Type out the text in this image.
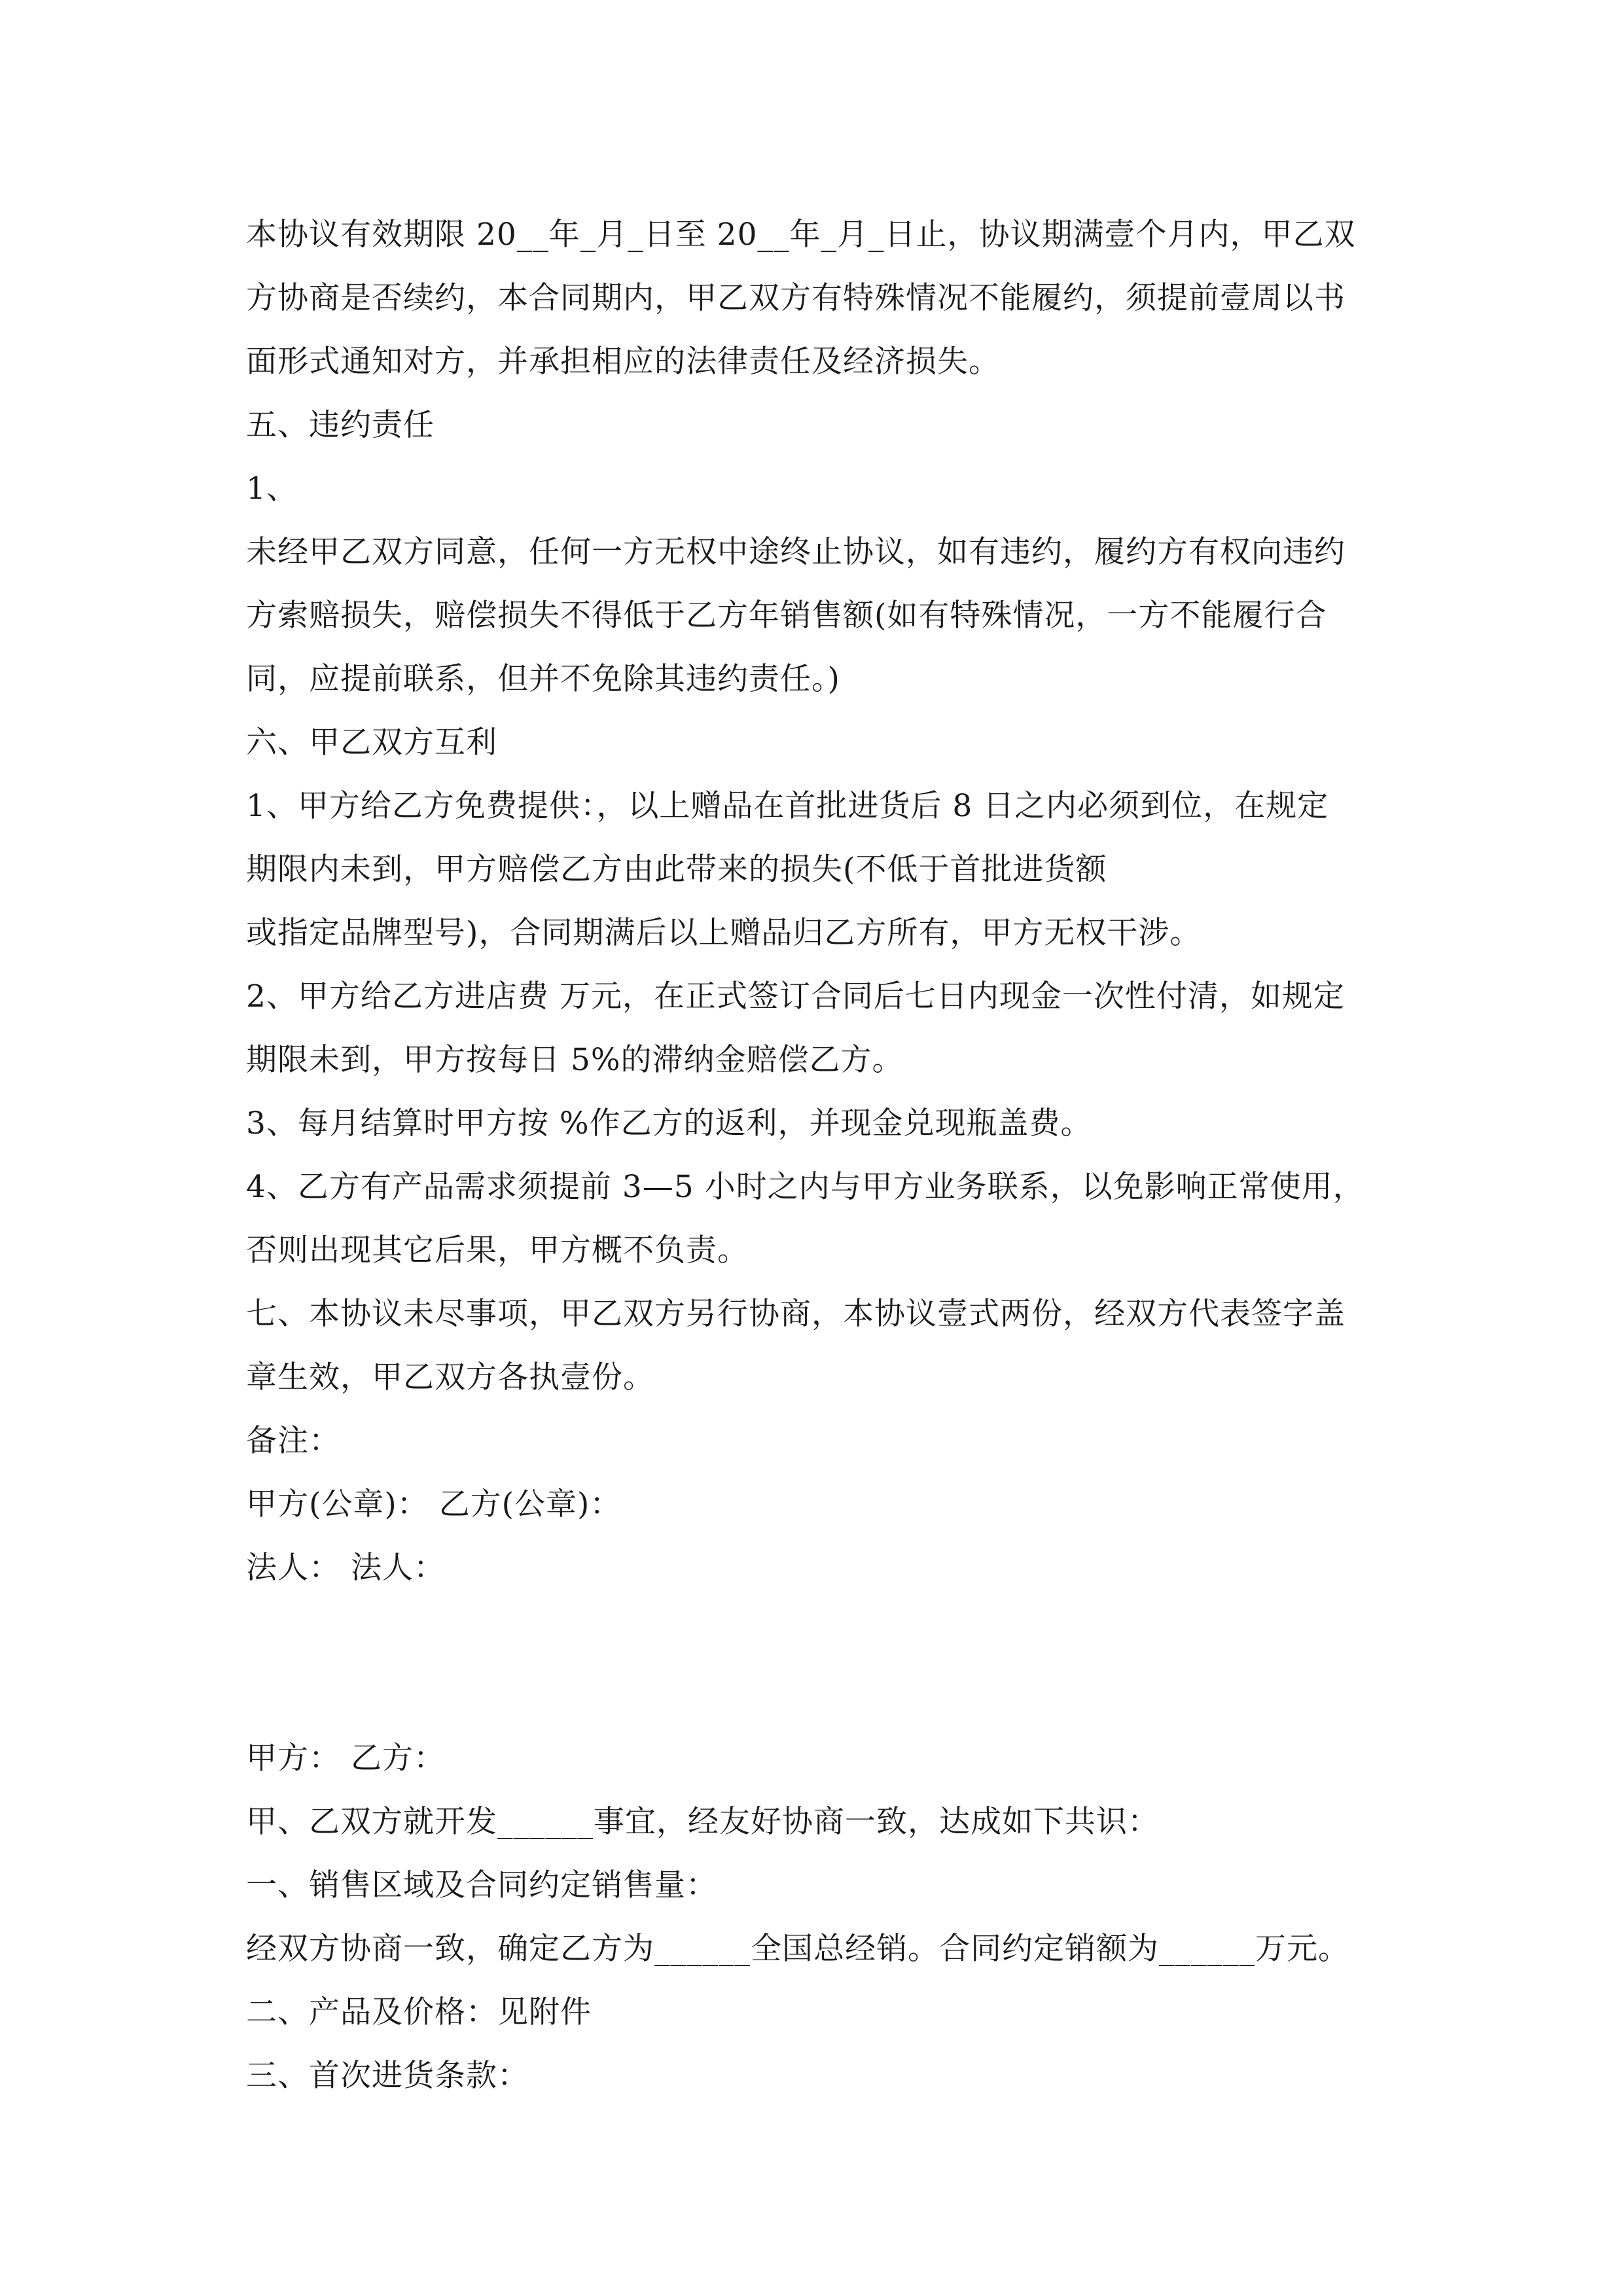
本协议有效期限 20__年_月_日至 20__年_月_日止，协议期满壹个月内，甲乙双
方协商是否续约，本合同期内，甲乙双方有特殊情况不能履约，须提前壹周以书
面形式通知对方，并承担相应的法律责任及经济损失。
五、违约责任
1、
未经甲乙双方同意，任何一方无权中途终止协议，如有违约，履约方有权向违约
方索赔损失，赔偿损失不得低于乙方年销售额(如有特殊情况，一方不能履行合
同，应提前联系，但并不免除其违约责任。)
六、甲乙双方互利
1、甲方给乙方免费提供：，以上赠品在首批进货后 8 日之内必须到位，在规定
期限内未到，甲方赔偿乙方由此带来的损失(不低于首批进货额
或指定品牌型号)，合同期满后以上赠品归乙方所有，甲方无权干涉。
2、甲方给乙方进店费 万元，在正式签订合同后七日内现金一次性付清，如规定
期限未到，甲方按每日 5%的滞纳金赔偿乙方。
3、每月结算时甲方按 %作乙方的返利，并现金兑现瓶盖费。
4、乙方有产品需求须提前 3—5 小时之内与甲方业务联系，以免影响正常使用，
否则出现其它后果，甲方概不负责。
七、本协议未尽事项，甲乙双方另行协商，本协议壹式两份，经双方代表签字盖
章生效，甲乙双方各执壹份。
备注：
甲方(公章)： 乙方(公章)：
法人： 法人：
甲方： 乙方：
甲、乙双方就开发______事宜，经友好协商一致，达成如下共识：
一、销售区域及合同约定销售量：
经双方协商一致，确定乙方为______全国总经销。合同约定销额为______万元。
二、产品及价格：见附件
三、首次进货条款：
